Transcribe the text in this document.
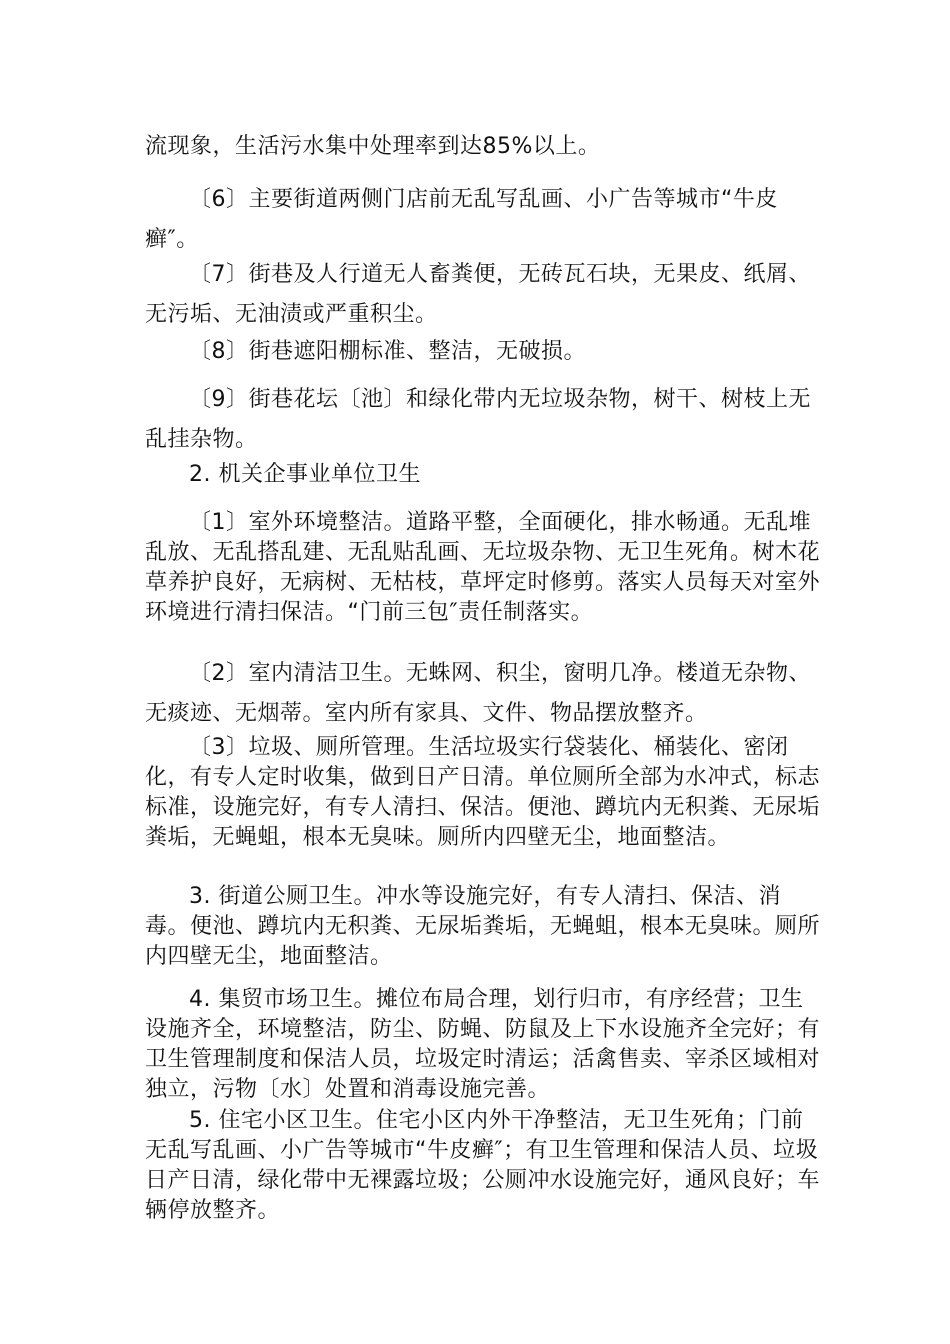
流现象，生活污水集中处理率到达85%以上。

〔6〕主要街道两侧门店前无乱写乱画、小广告等城市“牛皮癣″。

〔7〕街巷及人行道无人畜粪便，无砖瓦石块，无果皮、纸屑、无污垢、无油渍或严重积尘。

〔8〕街巷遮阳棚标准、整洁，无破损。

〔9〕街巷花坛〔池〕和绿化带内无垃圾杂物，树干、树枝上无乱挂杂物。

2. 机关企事业单位卫生

〔1〕室外环境整洁。道路平整，全面硬化，排水畅通。无乱堆乱放、无乱搭乱建、无乱贴乱画、无垃圾杂物、无卫生死角。树木花草养护良好，无病树、无枯枝，草坪定时修剪。落实人员每天对室外环境进行清扫保洁。“门前三包″责任制落实。

〔2〕室内清洁卫生。无蛛网、积尘，窗明几净。楼道无杂物、无痰迹、无烟蒂。室内所有家具、文件、物品摆放整齐。

〔3〕垃圾、厕所管理。生活垃圾实行袋装化、桶装化、密闭化，有专人定时收集，做到日产日清。单位厕所全部为水冲式，标志标准，设施完好，有专人清扫、保洁。便池、蹲坑内无积粪、无尿垢粪垢，无蝇蛆，根本无臭味。厕所内四壁无尘，地面整洁。

3. 街道公厕卫生。冲水等设施完好，有专人清扫、保洁、消毒。便池、蹲坑内无积粪、无尿垢粪垢，无蝇蛆，根本无臭味。厕所内四壁无尘，地面整洁。

4. 集贸市场卫生。摊位布局合理，划行归市，有序经营；卫生设施齐全，环境整洁，防尘、防蝇、防鼠及上下水设施齐全完好；有卫生管理制度和保洁人员，垃圾定时清运；活禽售卖、宰杀区域相对独立，污物〔水〕处置和消毒设施完善。

5. 住宅小区卫生。住宅小区内外干净整洁，无卫生死角；门前无乱写乱画、小广告等城市“牛皮癣″；有卫生管理和保洁人员、垃圾日产日清，绿化带中无裸露垃圾；公厕冲水设施完好，通风良好；车辆停放整齐。
